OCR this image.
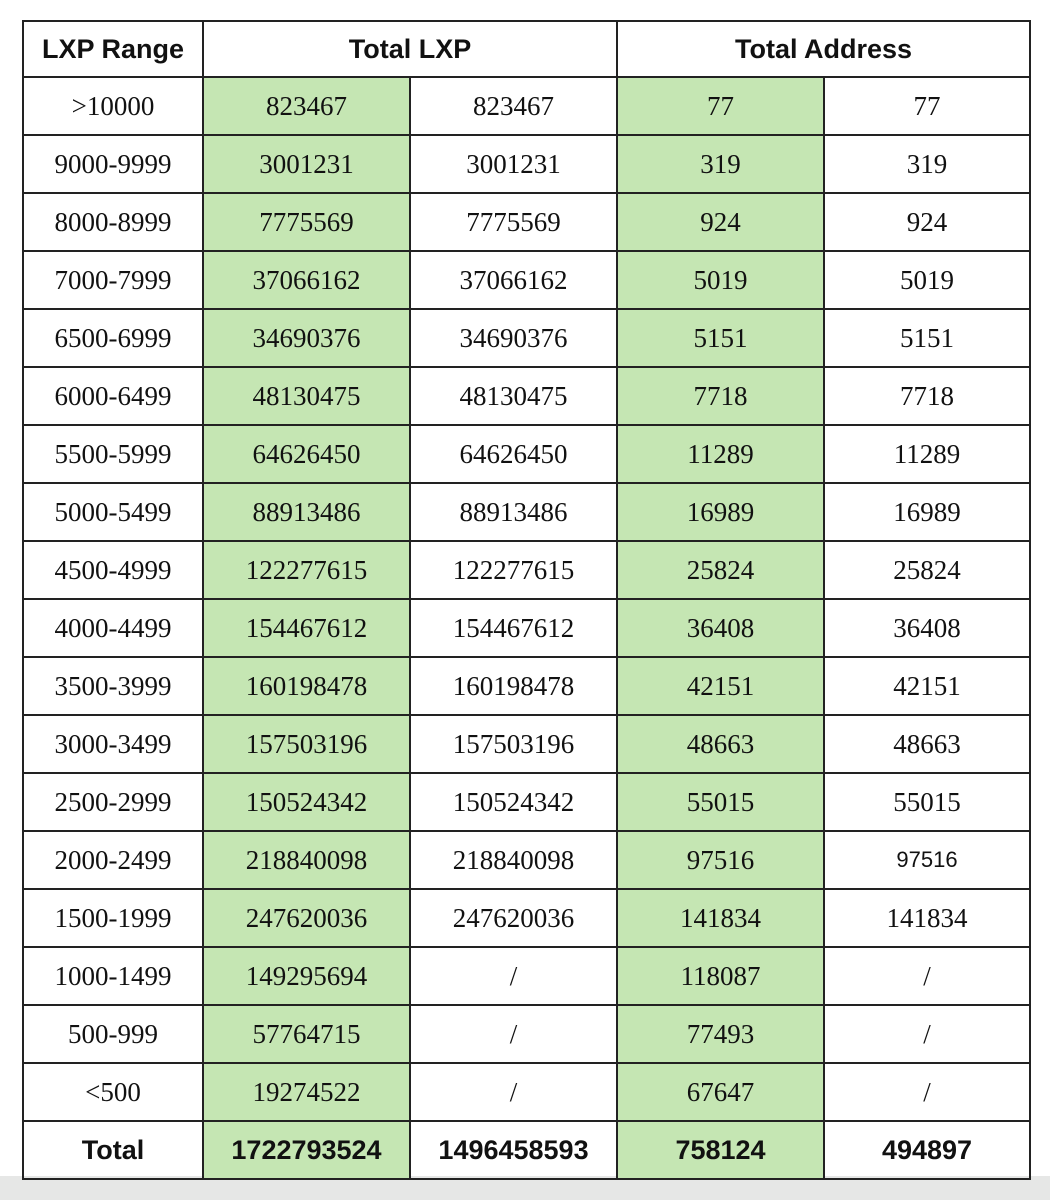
LXP Range	Total LXP		Total Address	
>10000	823467	823467	77	77
9000-9999	3001231	3001231	319	319
8000-8999	7775569	7775569	924	924
7000-7999	37066162	37066162	5019	5019
6500-6999	34690376	34690376	5151	5151
6000-6499	48130475	48130475	7718	7718
5500-5999	64626450	64626450	11289	11289
5000-5499	88913486	88913486	16989	16989
4500-4999	122277615	122277615	25824	25824
4000-4499	154467612	154467612	36408	36408
3500-3999	160198478	160198478	42151	42151
3000-3499	157503196	157503196	48663	48663
2500-2999	150524342	150524342	55015	55015
2000-2499	218840098	218840098	97516	97516
1500-1999	247620036	247620036	141834	141834
1000-1499	149295694	/	118087	/
500-999	57764715	/	77493	/
<500	19274522	/	67647	/
Total	1722793524	1496458593	758124	494897
